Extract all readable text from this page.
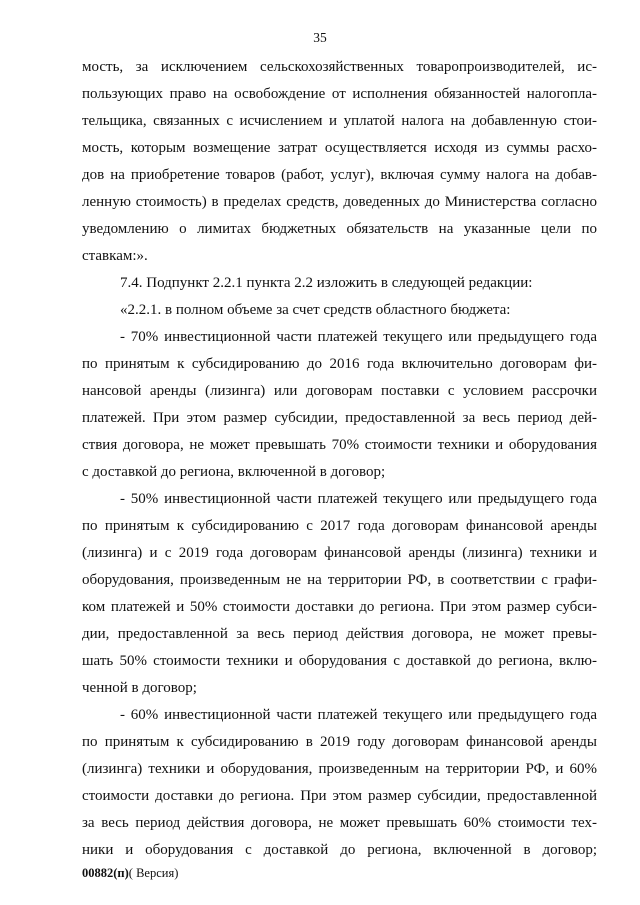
35
мость, за исключением сельскохозяйственных товаропроизводителей, ис-
пользующих право на освобождение от исполнения обязанностей налогопла-
тельщика, связанных с исчислением и уплатой налога на добавленную стои-
мость, которым возмещение затрат осуществляется исходя из суммы расхо-
дов на приобретение товаров (работ, услуг), включая сумму налога на добав-
ленную стоимость) в пределах средств, доведенных до Министерства согласно
уведомлению о лимитах бюджетных обязательств на указанные цели по
ставкам:».
7.4. Подпункт 2.2.1 пункта 2.2 изложить в следующей редакции:
«2.2.1. в полном объеме за счет средств областного бюджета:
- 70% инвестиционной части платежей текущего или предыдущего года
по принятым к субсидированию до 2016 года включительно договорам фи-
нансовой аренды (лизинга) или договорам поставки с условием рассрочки
платежей. При этом размер субсидии, предоставленной за весь период дей-
ствия договора, не может превышать 70% стоимости техники и оборудования
с доставкой до региона, включенной в договор;
- 50% инвестиционной части платежей текущего или предыдущего года
по принятым к субсидированию с 2017 года договорам финансовой аренды
(лизинга) и с 2019 года договорам финансовой аренды (лизинга) техники и
оборудования, произведенным не на территории РФ, в соответствии с графи-
ком платежей и 50% стоимости доставки до региона. При этом размер субси-
дии, предоставленной за весь период действия договора, не может превы-
шать 50% стоимости техники и оборудования с доставкой до региона, вклю-
ченной в договор;
- 60% инвестиционной части платежей текущего или предыдущего года
по принятым к субсидированию в 2019 году договорам финансовой аренды
(лизинга) техники и оборудования, произведенным на территории РФ, и 60%
стоимости доставки до региона. При этом размер субсидии, предоставленной
за весь период действия договора, не может превышать 60% стоимости тех-
ники и оборудования с доставкой до региона, включенной в договор;
00882(п)( Версия)
